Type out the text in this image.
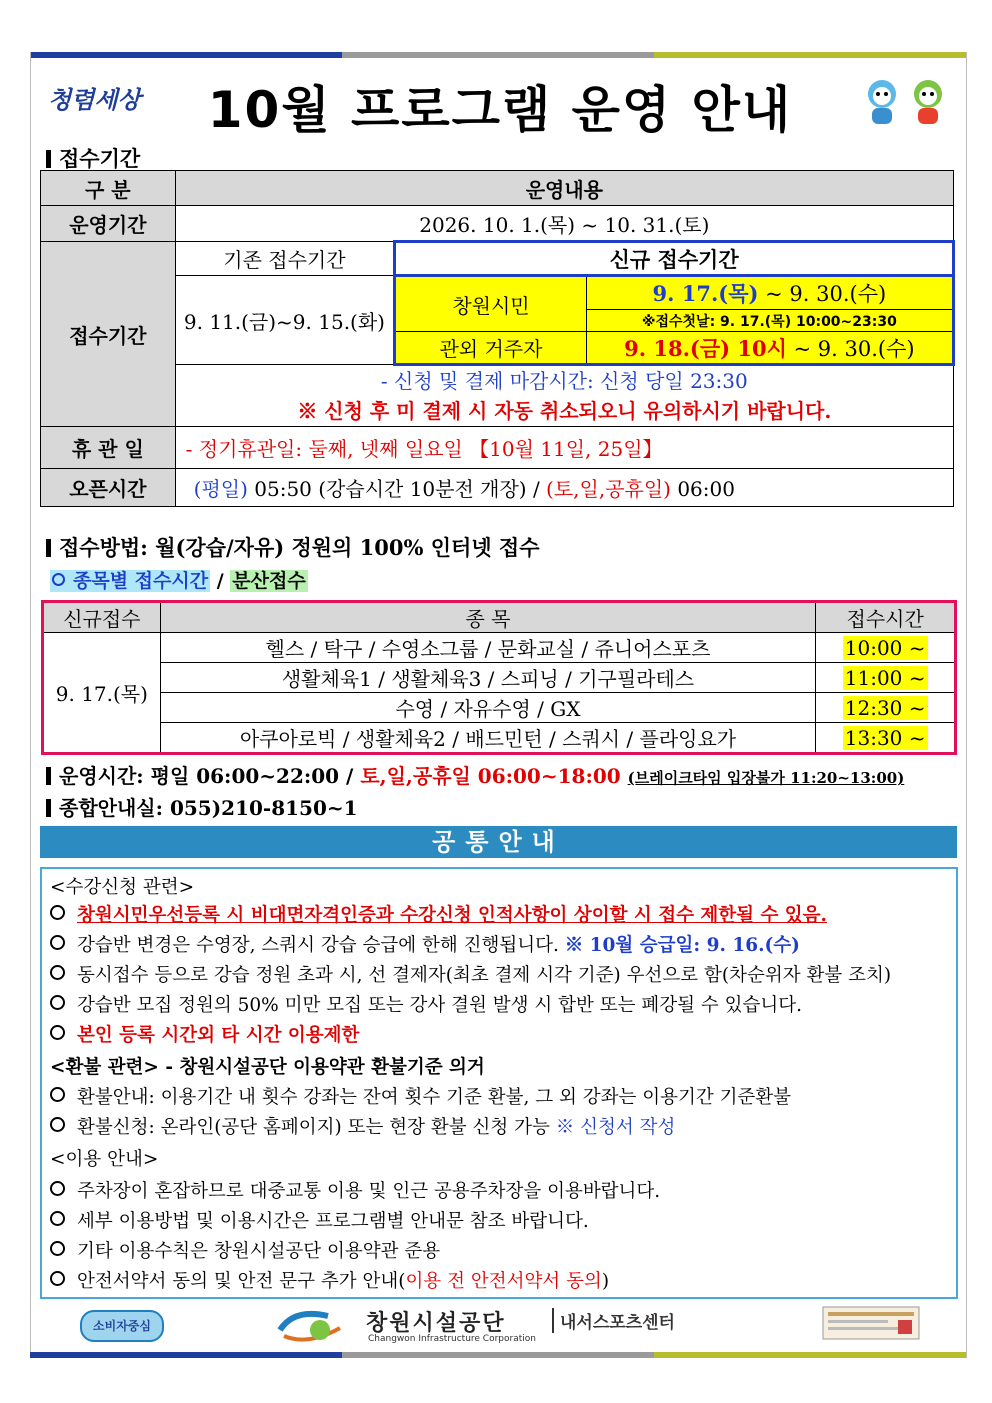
청렴세상	10월 프로그램 운영 안내
접수기간
구 분	운영내용		
운영기간	2026. 10. 1.(목) ~ 10. 31.(토)		
접수기간	기존 접수기간	신규 접수기간	
	9. 11.(금)~9. 15.(화)	창원시민	9. 17.(목) ~ 9. 30.(수)
			※접수첫날: 9. 17.(목) 10:00~23:30
		관외 거주자	9. 18.(금) 10시 ~ 9. 30.(수)

	- 신청 및 결제 마감시간: 신청 당일 23:30
※ 신청 후 미 결제 시 자동 취소되오니 유의하시기 바랍니다.		

휴 관 일	- 정기휴관일: 둘째, 넷째 일요일 【10월 11일, 25일】		
오픈시간	(평일) 05:50 (강습시간 10분전 개장) / (토,일,공휴일) 06:00		
접수방법: 월(강습/자유) 정원의 100% 인터넷 접수
종목별 접수시간 / 분산접수
신규접수	종 목	접수시간
9. 17.(목)	헬스 / 탁구 / 수영소그룹 / 문화교실 / 쥬니어스포츠	10:00 ~
	생활체육1 / 생활체육3 / 스피닝 / 기구필라테스	11:00 ~
	수영 / 자유수영 / GX	12:30 ~
	아쿠아로빅 / 생활체육2 / 배드민턴 / 스쿼시 / 플라잉요가	13:30 ~
운영시간: 평일 06:00~22:00 / 토,일,공휴일 06:00~18:00 (브레이크타임 입장불가 11:20~13:00)
종합안내실: 055)210-8150~1
공통안내
<수강신청 관련>
창원시민우선등록 시 비대면자격인증과 수강신청 인적사항이 상이할 시 접수 제한될 수 있음.
강습반 변경은 수영장, 스쿼시 강습 승급에 한해 진행됩니다. ※ 10월 승급일: 9. 16.(수)
동시접수 등으로 강습 정원 초과 시, 선 결제자(최초 결제 시각 기준) 우선으로 함(차순위자 환불 조치)
강습반 모집 정원의 50% 미만 모집 또는 강사 결원 발생 시 합반 또는 폐강될 수 있습니다.
본인 등록 시간외 타 시간 이용제한
<환불 관련> - 창원시설공단 이용약관 환불기준 의거
환불안내: 이용기간 내 횟수 강좌는 잔여 횟수 기준 환불, 그 외 강좌는 이용기간 기준환불
환불신청: 온라인(공단 홈페이지) 또는 현장 환불 신청 가능 ※ 신청서 작성
<이용 안내>
주차장이 혼잡하므로 대중교통 이용 및 인근 공용주차장을 이용바랍니다.
세부 이용방법 및 이용시간은 프로그램별 안내문 참조 바랍니다.
기타 이용수칙은 창원시설공단 이용약관 준용
안전서약서 동의 및 안전 문구 추가 안내(이용 전 안전서약서 동의)
소비자중심	창원시설공단
Changwon Infrastructure Corporation
내서스포츠센터
